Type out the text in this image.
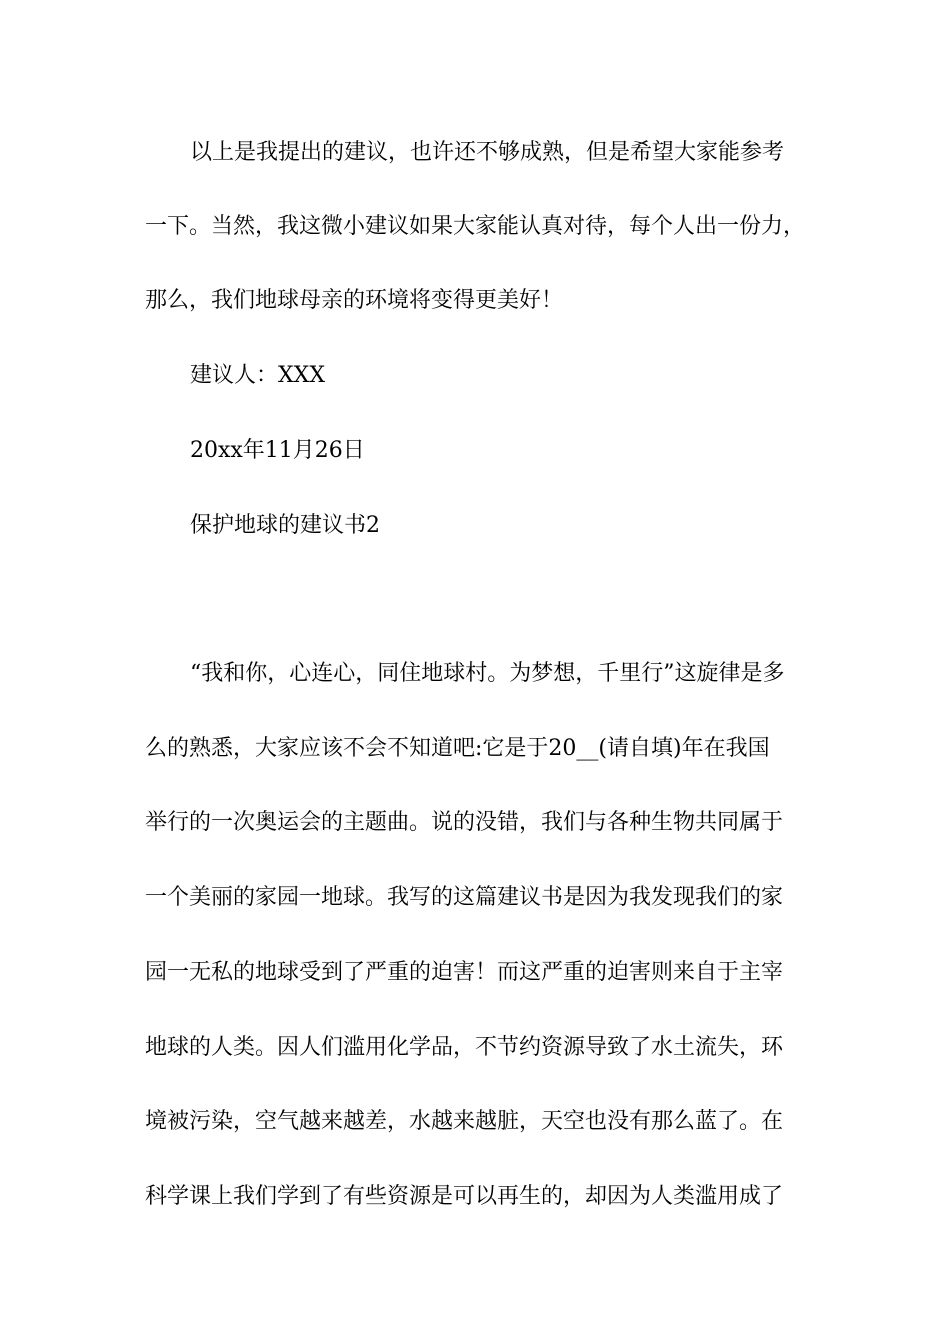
以上是我提出的建议，也许还不够成熟，但是希望大家能参考
一下。当然，我这微小建议如果大家能认真对待，每个人出一份力，
那么，我们地球母亲的环境将变得更美好！
建议人：XXX
20xx年11月26日
保护地球的建议书2
“我和你，心连心，同住地球村。为梦想，千里行”这旋律是多
么的熟悉，大家应该不会不知道吧:它是于20__(请自填)年在我国
举行的一次奥运会的主题曲。说的没错，我们与各种生物共同属于
一个美丽的家园一地球。我写的这篇建议书是因为我发现我们的家
园一无私的地球受到了严重的迫害！而这严重的迫害则来自于主宰
地球的人类。因人们滥用化学品，不节约资源导致了水土流失，环
境被污染，空气越来越差，水越来越脏，天空也没有那么蓝了。在
科学课上我们学到了有些资源是可以再生的，却因为人类滥用成了
